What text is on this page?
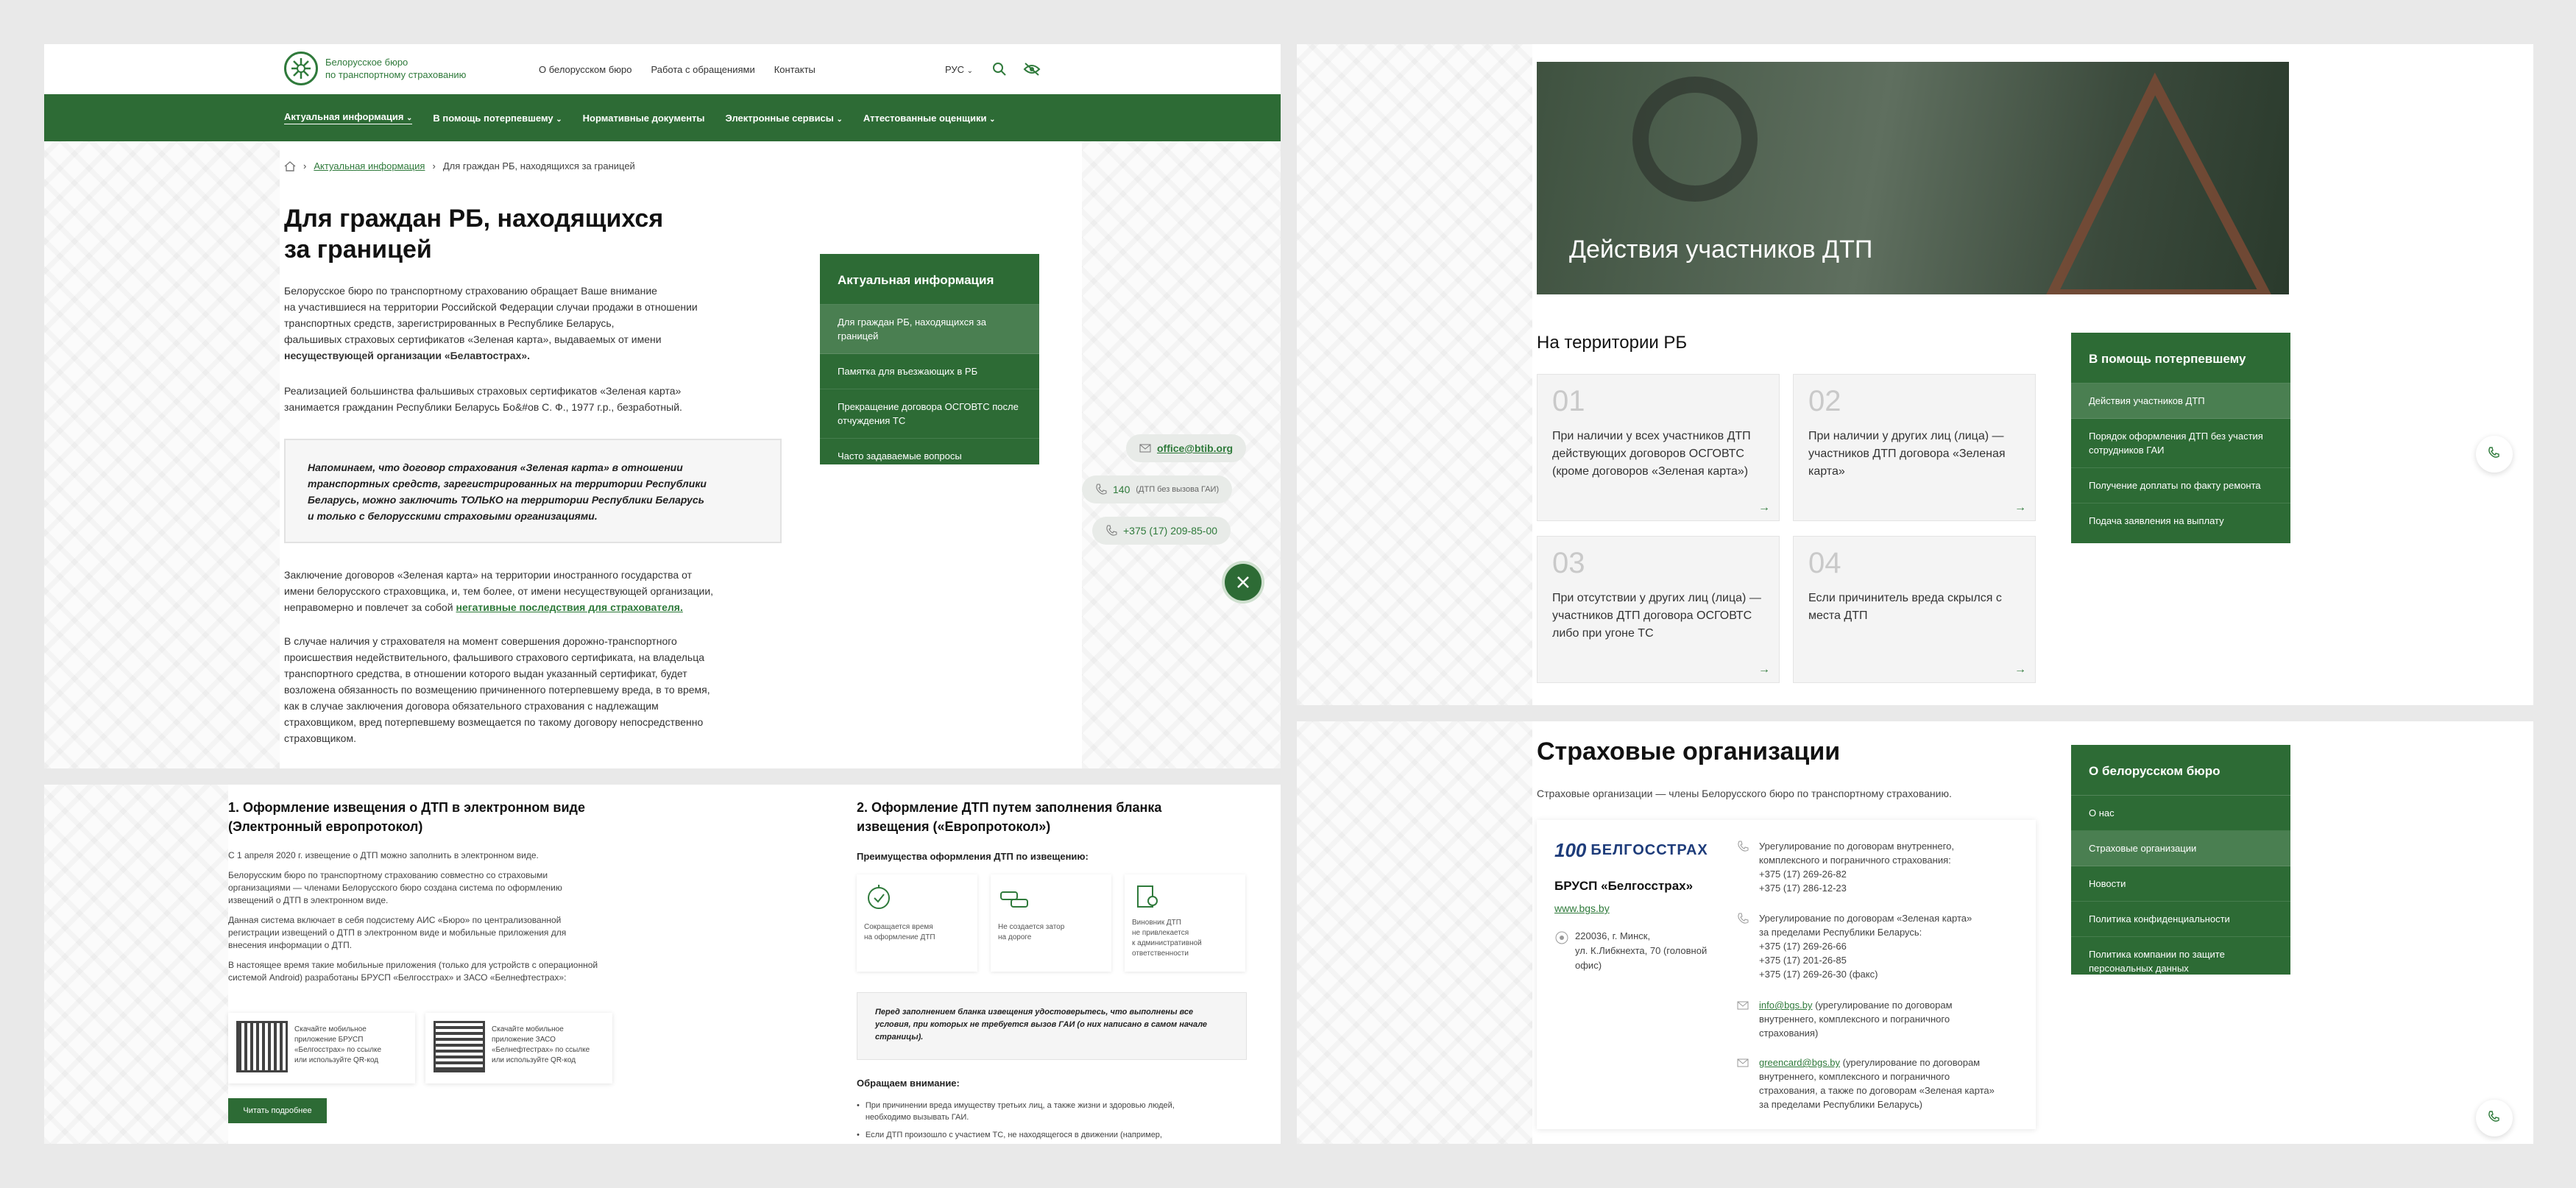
Белорусское бюро
по транспортному страхованию	О белорусском бюро Работа с обращениями Контакты	РУС ⌄
Актуальная информация ⌄ В помощь потерпевшему ⌄ Нормативные документы Электронные сервисы ⌄ Аттестованные оценщики ⌄
› Актуальная информация › Для граждан РБ, находящихся за границей
Для граждан РБ, находящихся
за границей

Белорусское бюро по транспортному страхованию обращает Ваше внимание

на участившиеся на территории Российской Федерации случаи продажи в отношении

транспортных средств, зарегистрированных в Республике Беларусь,

фальшивых страховых сертификатов «Зеленая карта», выдаваемых от имени

несуществующей организации «Белавтостраx».

Реализацией большинства фальшивых страховых сертификатов «Зеленая карта»

занимается гражданин Республики Беларусь Бо&#ов С. Ф., 1977 г.р., безработный.

Напоминаем, что договор страхования «Зеленая карта» в отношении

транспортных средств, зарегистрированных на территории Республики

Беларусь, можно заключить ТОЛЬКО на территории Республики Беларусь

и только с белорусскими страховыми организациями.

Заключение договоров «Зеленая карта» на территории иностранного государства от

имени белорусского страховщика, и, тем более, от имени несуществующей организации,

неправомерно и повлечет за собой негативные последствия для страхователя.

В случае наличия у страхователя на момент совершения дорожно-транспортного

происшествия недействительного, фальшивого страхового сертификата, на владельца

транспортного средства, в отношении которого выдан указанный сертификат, будет

возложена обязанность по возмещению причиненного потерпевшему вреда, в то время,

как в случае заключения договора обязательного страхования с надлежащим

страховщиком, вред потерпевшему возмещается по такому договору непосредственно

страховщиком.

Актуальная информация
Для граждан РБ, находящихся за границей
Памятка для въезжающих в РБ
Прекращение договора ОСГОВТС после отчуждения ТС
Часто задаваемые вопросы
office@btib.org
140 (ДТП без вызова ГАИ)
+375 (17) 209-85-00
Действия участников ДТП
На территории РБ
01
При наличии у всех участников ДТП действующих договоров ОСГОВТС (кроме договоров «Зеленая карта»)
→
02
При наличии у других лиц (лица) — участников ДТП договора «Зеленая карта»
→
03
При отсутствии у других лиц (лица) — участников ДТП договора ОСГОВТС либо при угоне ТС
→
04
Если причинитель вреда скрылся с места ДТП
→
В помощь потерпевшему
Действия участников ДТП
Порядок оформления ДТП без участия сотрудников ГАИ
Получение доплаты по факту ремонта
Подача заявления на выплату
1. Оформление извещения о ДТП в электронном виде
(Электронный европротокол)

С 1 апреля 2020 г. извещение о ДТП можно заполнить в электронном виде.

Белорусским бюро по транспортному страхованию совместно со страховыми

организациями — членами Белорусского бюро создана система по оформлению

извещений о ДТП в электронном виде.

Данная система включает в себя подсистему АИС «Бюро» по централизованной

регистрации извещений о ДТП в электронном виде и мобильные приложения для

внесения информации о ДТП.

В настоящее время такие мобильные приложения (только для устройств с операционной

системой Android) разработаны БРУСП «Белгосстрах» и ЗАСО «Белнефтестрах»:

Скачайте мобильное
приложение БРУСП
«Белгосстрах» по ссылке
или используйте QR-код
Скачайте мобильное
приложение ЗАСО
«Белнефтестрах» по ссылке
или используйте QR-код
Читать подробнее
2. Оформление ДТП путем заполнения бланка
извещения («Европротокол»)
Преимущества оформления ДТП по извещению:
Сокращается время
на оформление ДТП
Не создается затор
на дороге
Виновник ДТП
не привлекается
к административной
ответственности
Перед заполнением бланка извещения удостоверьтесь, что выполнены все
условия, при которых не требуется вызов ГАИ (о них написано в самом начале
страницы).
Обращаем внимание:
• При причинении вреда имуществу третьих лиц, а также жизни и здоровью людей,
необходимо вызывать ГАИ.
• Если ДТП произошло с участием ТС, не находящегося в движении (например,
Страховые организации
Страховые организации — члены Белорусского бюро по транспортному страхованию.
100 БЕЛГОССТРАХ
БРУСП «Белгосстрах»
www.bgs.by
220036, г. Минск,
ул. К.Либкнехта, 70 (головной
офис)
Урегулирование по договорам внутреннего,
комплексного и пограничного страхования:
+375 (17) 269-26-82
+375 (17) 286-12-23
Урегулирование по договорам «Зеленая карта»
за пределами Республики Беларусь:
+375 (17) 269-26-66
+375 (17) 201-26-85
+375 (17) 269-26-30 (факс)
info@bgs.by (урегулирование по договорам
внутреннего, комплексного и пограничного
страхования)
greencard@bgs.by (урегулирование по договорам
внутреннего, комплексного и пограничного
страхования, а также по договорам «Зеленая карта»
за пределами Республики Беларусь)
О белорусском бюро
О нас
Страховые организации
Новости
Политика конфиденциальности
Политика компании по защите персональных данных
